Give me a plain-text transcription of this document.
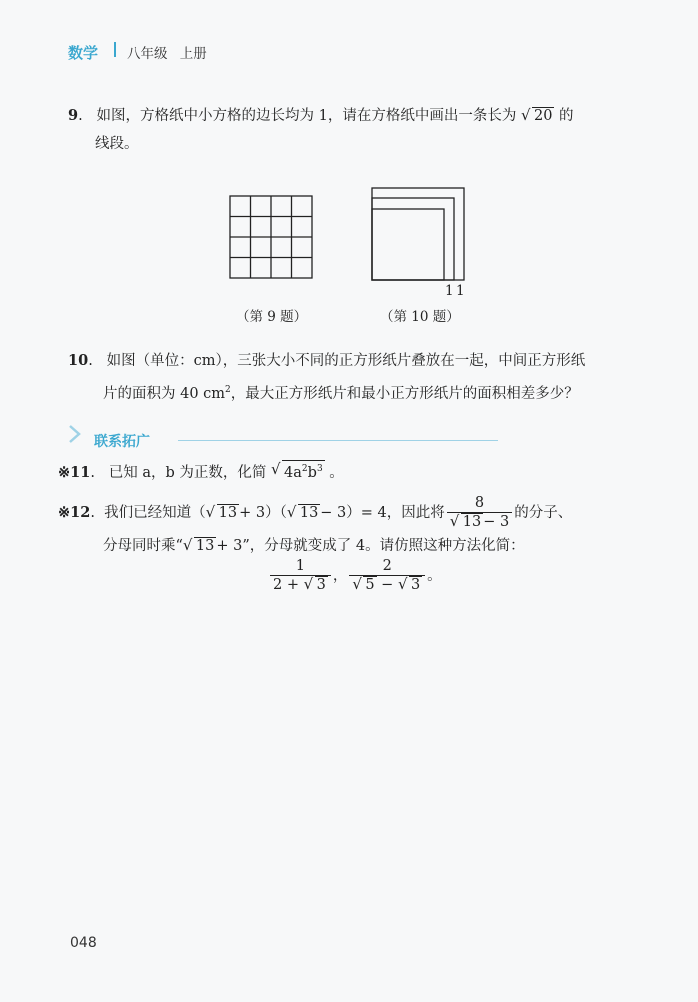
数学 八年级 上册
9.   如图，方格纸中小方格的边长均为 1，请在方格纸中画出一条长为 √ 20 的
线段。
1 1
（第 9 题）	（第 10 题）
10.   如图（单位：cm），三张大小不同的正方形纸片叠放在一起，中间正方形纸
片的面积为 40 $cm^2$，最大正方形纸片和最小正方形纸片的面积相差多少？
联系拓广
※11.   已知 a，b 为正数，化简 √ $4a^2b^3$ 。
※12 . 我们已经知道（ √ 13 + 3）（ √ 13 − 3）= 4，因此将 $\frac{8}{√ 13 - 3}$ 的分子、
分母同时乘“ √ 13 + 3”，分母就变成了 4。请仿照这种方法化简：
$\frac{1}{2 + √ 3}$ ， $\frac{2}{√ 5 - √ 3}$ 。
048
